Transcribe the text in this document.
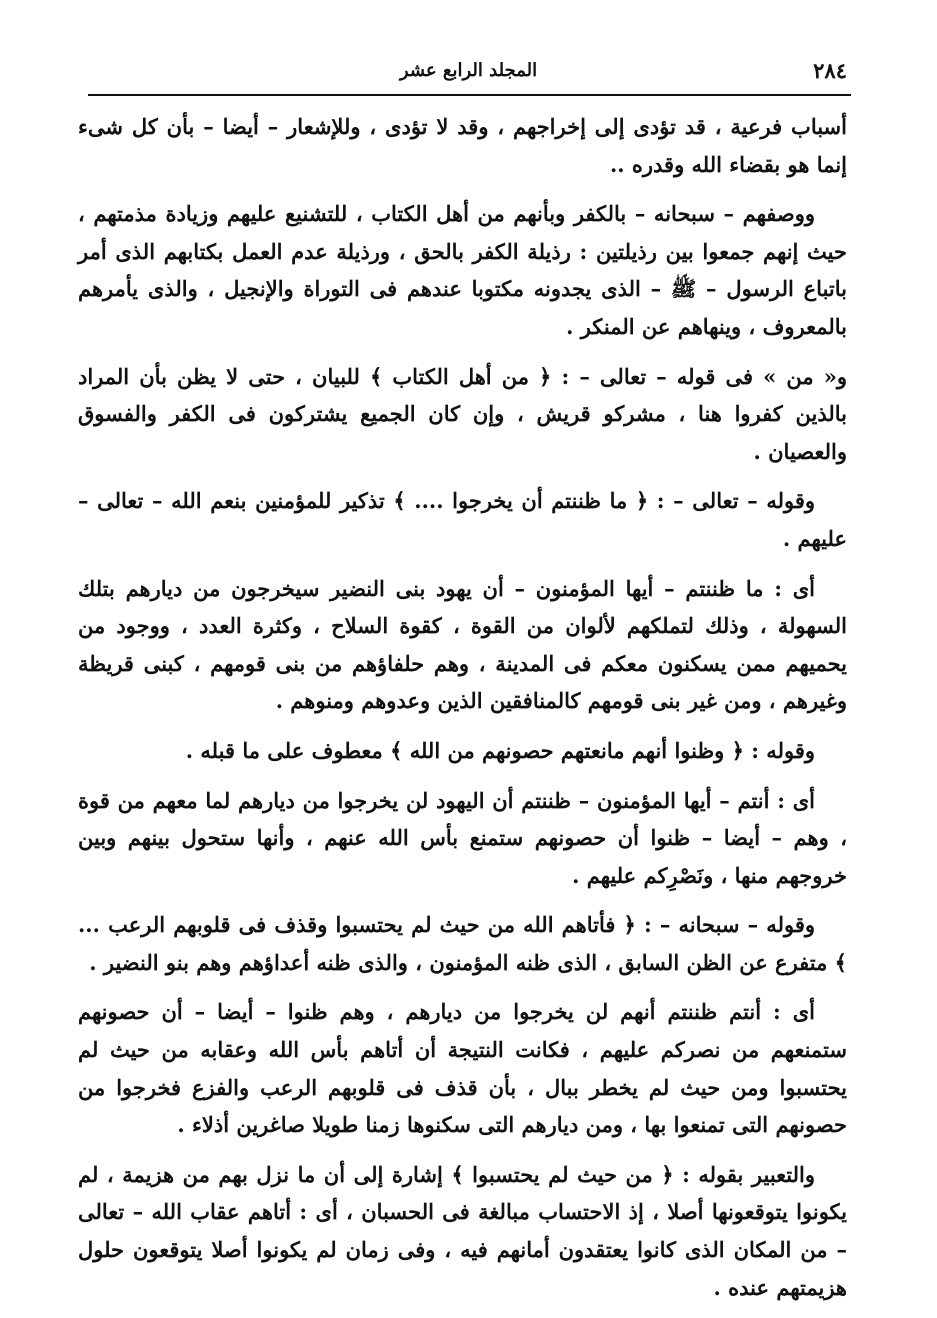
٢٨٤
المجلد الرابع عشر

أسباب فرعية ، قد تؤدى إلى إخراجهم ، وقد لا تؤدى ، وللإشعار – أيضا – بأن كل شىء إنما هو بقضاء الله وقدره ..

ووصفهم – سبحانه – بالكفر وبأنهم من أهل الكتاب ، للتشنيع عليهم وزيادة مذمتهم ، حيث إنهم جمعوا بين رذيلتين : رذيلة الكفر بالحق ، ورذيلة عدم العمل بكتابهم الذى أمر باتباع الرسول – ﷺ – الذى يجدونه مكتوبا عندهم فى التوراة والإنجيل ، والذى يأمرهم بالمعروف ، وينهاهم عن المنكر .

و« من » فى قوله – تعالى – : ﴿ من أهل الكتاب ﴾ للبيان ، حتى لا يظن بأن المراد بالذين كفروا هنا ، مشركو قريش ، وإن كان الجميع يشتركون فى الكفر والفسوق والعصيان .

وقوله – تعالى – : ﴿ ما ظننتم أن يخرجوا .... ﴾ تذكير للمؤمنين بنعم الله – تعالى – عليهم .

أى : ما ظننتم – أيها المؤمنون – أن يهود بنى النضير سيخرجون من ديارهم بتلك السهولة ، وذلك لتملكهم لألوان من القوة ، كقوة السلاح ، وكثرة العدد ، ووجود من يحميهم ممن يسكنون معكم فى المدينة ، وهم حلفاؤهم من بنى قومهم ، كبنى قريظة وغيرهم ، ومن غير بنى قومهم كالمنافقين الذين وعدوهم ومنوهم .

وقوله : ﴿ وظنوا أنهم مانعتهم حصونهم من الله ﴾ معطوف على ما قبله .

أى : أنتم – أيها المؤمنون – ظننتم أن اليهود لن يخرجوا من ديارهم لما معهم من قوة ، وهم – أيضا – ظنوا أن حصونهم ستمنع بأس الله عنهم ، وأنها ستحول بينهم وبين خروجهم منها ، ونَصْرِكم عليهم .

وقوله – سبحانه – : ﴿ فأتاهم الله من حيث لم يحتسبوا وقذف فى قلوبهم الرعب ... ﴾ متفرع عن الظن السابق ، الذى ظنه المؤمنون ، والذى ظنه أعداؤهم وهم بنو النضير .

أى : أنتم ظننتم أنهم لن يخرجوا من ديارهم ، وهم ظنوا – أيضا – أن حصونهم ستمنعهم من نصركم عليهم ، فكانت النتيجة أن أتاهم بأس الله وعقابه من حيث لم يحتسبوا ومن حيث لم يخطر ببال ، بأن قذف فى قلوبهم الرعب والفزع فخرجوا من حصونهم التى تمنعوا بها ، ومن ديارهم التى سكنوها زمنا طويلا صاغرين أذلاء .

والتعبير بقوله : ﴿ من حيث لم يحتسبوا ﴾ إشارة إلى أن ما نزل بهم من هزيمة ، لم يكونوا يتوقعونها أصلا ، إذ الاحتساب مبالغة فى الحسبان ، أى : أتاهم عقاب الله – تعالى – من المكان الذى كانوا يعتقدون أمانهم فيه ، وفى زمان لم يكونوا أصلا يتوقعون حلول هزيمتهم عنده .
